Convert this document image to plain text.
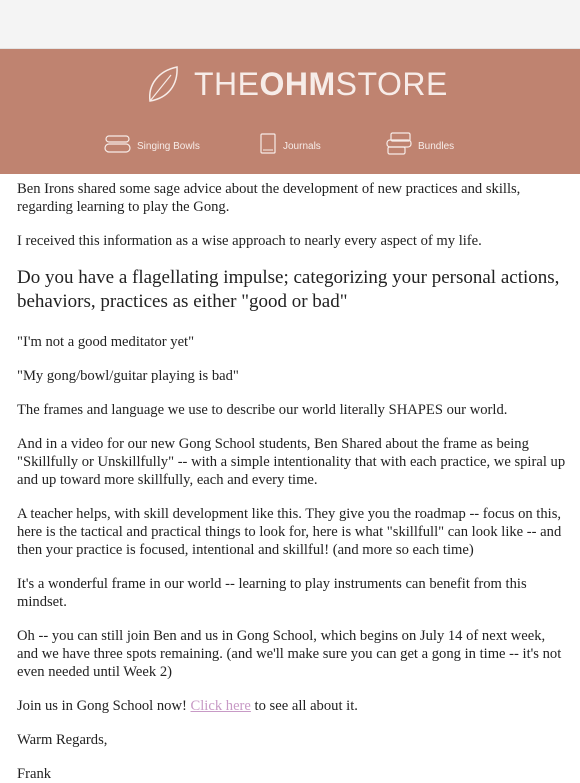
THEOHMSTORE
Singing Bowls	Journals	Bundles

Ben Irons shared some sage advice about the development of new practices and skills, regarding learning to play the Gong.

I received this information as a wise approach to nearly every aspect of my life.

Do you have a flagellating impulse; categorizing your personal actions, behaviors, practices as either "good or bad"

"I'm not a good meditator yet"

"My gong/bowl/guitar playing is bad"

The frames and language we use to describe our world literally SHAPES our world.

And in a video for our new Gong School students, Ben Shared about the frame as being "Skillfully or Unskillfully" -- with a simple intentionality that with each practice, we spiral up and up toward more skillfully, each and every time.

A teacher helps, with skill development like this. They give you the roadmap -- focus on this, here is the tactical and practical things to look for, here is what "skillfull" can look like -- and then your practice is focused, intentional and skillful! (and more so each time)

It's a wonderful frame in our world -- learning to play instruments can benefit from this mindset.

Oh -- you can still join Ben and us in Gong School, which begins on July 14 of next week, and we have three spots remaining. (and we'll make sure you can get a gong in time -- it's not even needed until Week 2)

Join us in Gong School now! Click here to see all about it.

Warm Regards,

Frank
